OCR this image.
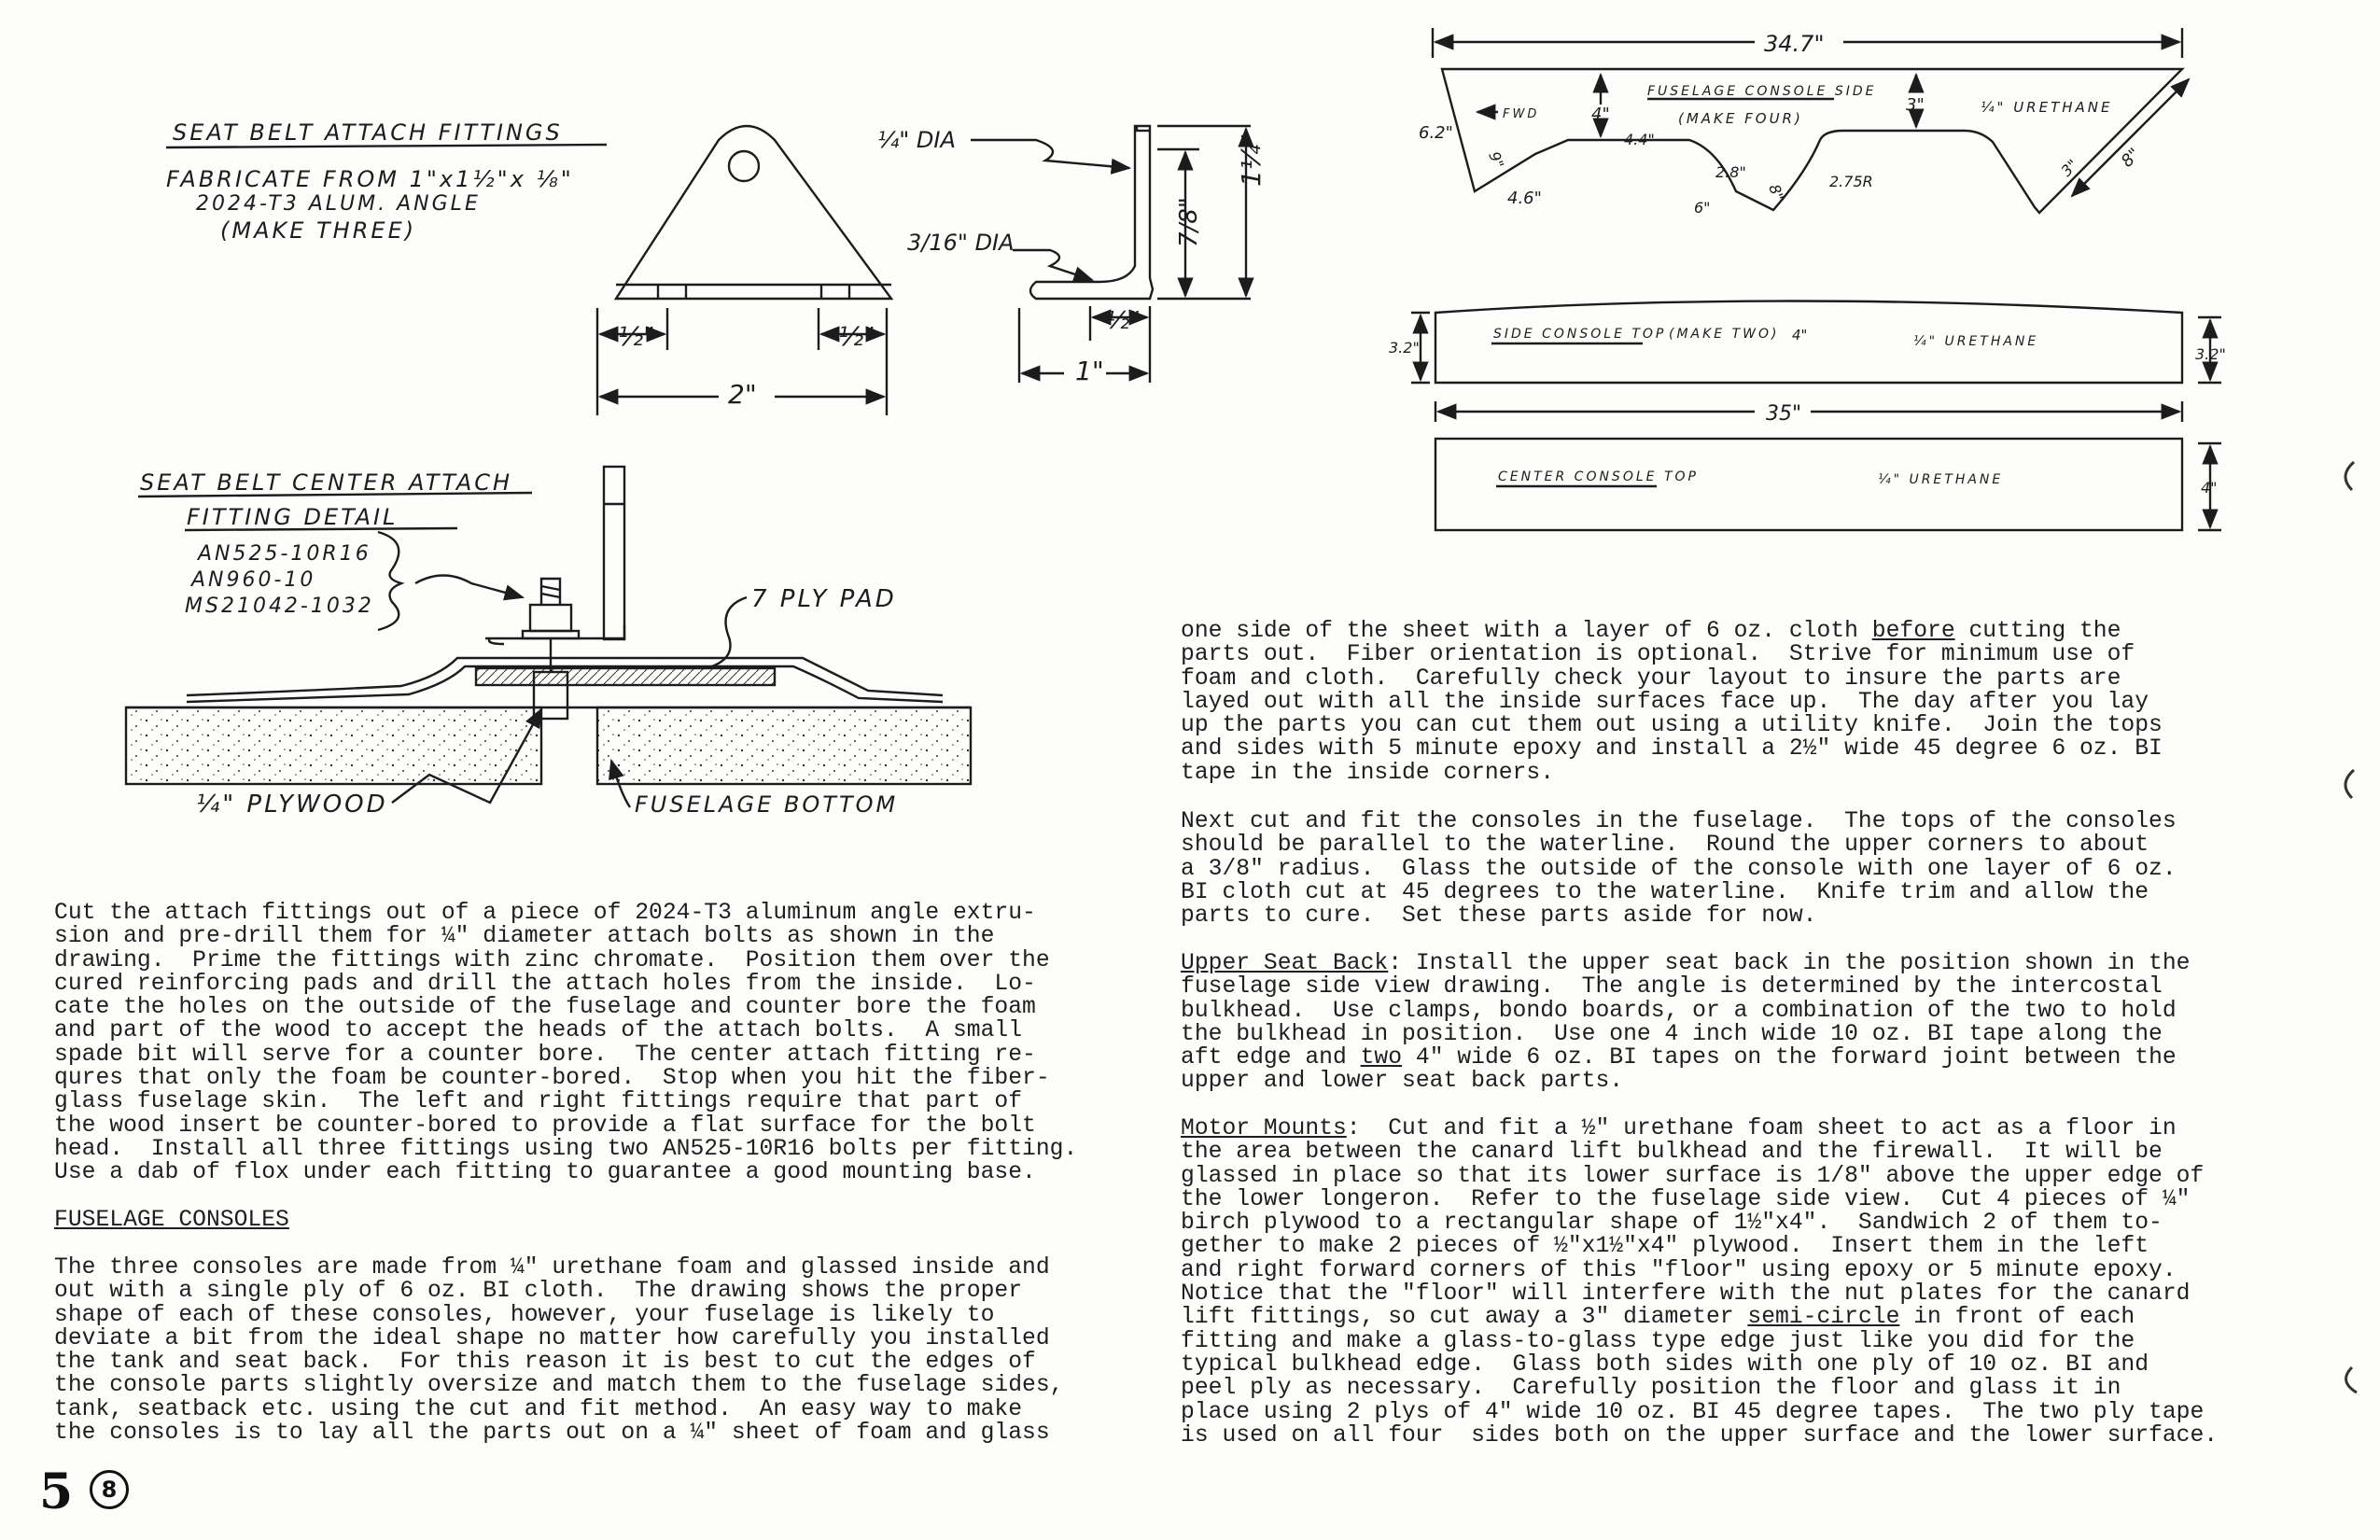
SEAT BELT ATTACH FITTINGS
FABRICATE FROM 1"x1½"x ⅛"
2024-T3 ALUM. ANGLE
(MAKE THREE)
½"	½"
2"
¼" DIA
3/16" DIA	7/8"
1¼"
½"
1"
SEAT BELT CENTER ATTACH
FITTING DETAIL
AN525-10R16
AN960-10
MS21042-1032	7 PLY PAD
¼" PLYWOOD	FUSELAGE BOTTOM
34.7"
FUSELAGE CONSOLE SIDE
(MAKE FOUR)
¼" URETHANE
FWD
6.2"
4"
4.4"
3"
2.75R
2.8"
4.6"	6"
9"
8"
3" 8"
SIDE CONSOLE TOP (MAKE TWO) 4"	¼" URETHANE
3.2"	3.2"
35"
CENTER CONSOLE TOP	¼" URETHANE	4"

Cut the attach fittings out of a piece of 2024-T3 aluminum angle extru-
sion and pre-drill them for ¼" diameter attach bolts as shown in the
drawing.  Prime the fittings with zinc chromate.  Position them over the
cured reinforcing pads and drill the attach holes from the inside.  Lo-
cate the holes on the outside of the fuselage and counter bore the foam
and part of the wood to accept the heads of the attach bolts.  A small
spade bit will serve for a counter bore.  The center attach fitting re-
qures that only the foam be counter-bored.  Stop when you hit the fiber-
glass fuselage skin.  The left and right fittings require that part of
the wood insert be counter-bored to provide a flat surface for the bolt
head.  Install all three fittings using two AN525-10R16 bolts per fitting.
Use a dab of flox under each fitting to guarantee a good mounting base.

FUSELAGE CONSOLES

The three consoles are made from ¼" urethane foam and glassed inside and
out with a single ply of 6 oz. BI cloth.  The drawing shows the proper
shape of each of these consoles, however, your fuselage is likely to
deviate a bit from the ideal shape no matter how carefully you installed
the tank and seat back.  For this reason it is best to cut the edges of
the console parts slightly oversize and match them to the fuselage sides,
tank, seatback etc. using the cut and fit method.  An easy way to make
the consoles is to lay all the parts out on a ¼" sheet of foam and glass

one side of the sheet with a layer of 6 oz. cloth before cutting the
parts out.  Fiber orientation is optional.  Strive for minimum use of
foam and cloth.  Carefully check your layout to insure the parts are
layed out with all the inside surfaces face up.  The day after you lay
up the parts you can cut them out using a utility knife.  Join the tops
and sides with 5 minute epoxy and install a 2½" wide 45 degree 6 oz. BI
tape in the inside corners.

Next cut and fit the consoles in the fuselage.  The tops of the consoles
should be parallel to the waterline.  Round the upper corners to about
a 3/8" radius.  Glass the outside of the console with one layer of 6 oz.
BI cloth cut at 45 degrees to the waterline.  Knife trim and allow the
parts to cure.  Set these parts aside for now.

Upper Seat Back: Install the upper seat back in the position shown in the
fuselage side view drawing.  The angle is determined by the intercostal
bulkhead.  Use clamps, bondo boards, or a combination of the two to hold
the bulkhead in position.  Use one 4 inch wide 10 oz. BI tape along the
aft edge and two 4" wide 6 oz. BI tapes on the forward joint between the
upper and lower seat back parts.

Motor Mounts:  Cut and fit a ½" urethane foam sheet to act as a floor in
the area between the canard lift bulkhead and the firewall.  It will be
glassed in place so that its lower surface is 1/8" above the upper edge of
the lower longeron.  Refer to the fuselage side view.  Cut 4 pieces of ¼"
birch plywood to a rectangular shape of 1½"x4".  Sandwich 2 of them to-
gether to make 2 pieces of ½"x1½"x4" plywood.  Insert them in the left
and right forward corners of this "floor" using epoxy or 5 minute epoxy.
Notice that the "floor" will interfere with the nut plates for the canard
lift fittings, so cut away a 3" diameter semi-circle in front of each
fitting and make a glass-to-glass type edge just like you did for the
typical bulkhead edge.  Glass both sides with one ply of 10 oz. BI and
peel ply as necessary.  Carefully position the floor and glass it in
place using 2 plys of 4" wide 10 oz. BI 45 degree tapes.  The two ply tape
is used on all four  sides both on the upper surface and the lower surface.

5	8
